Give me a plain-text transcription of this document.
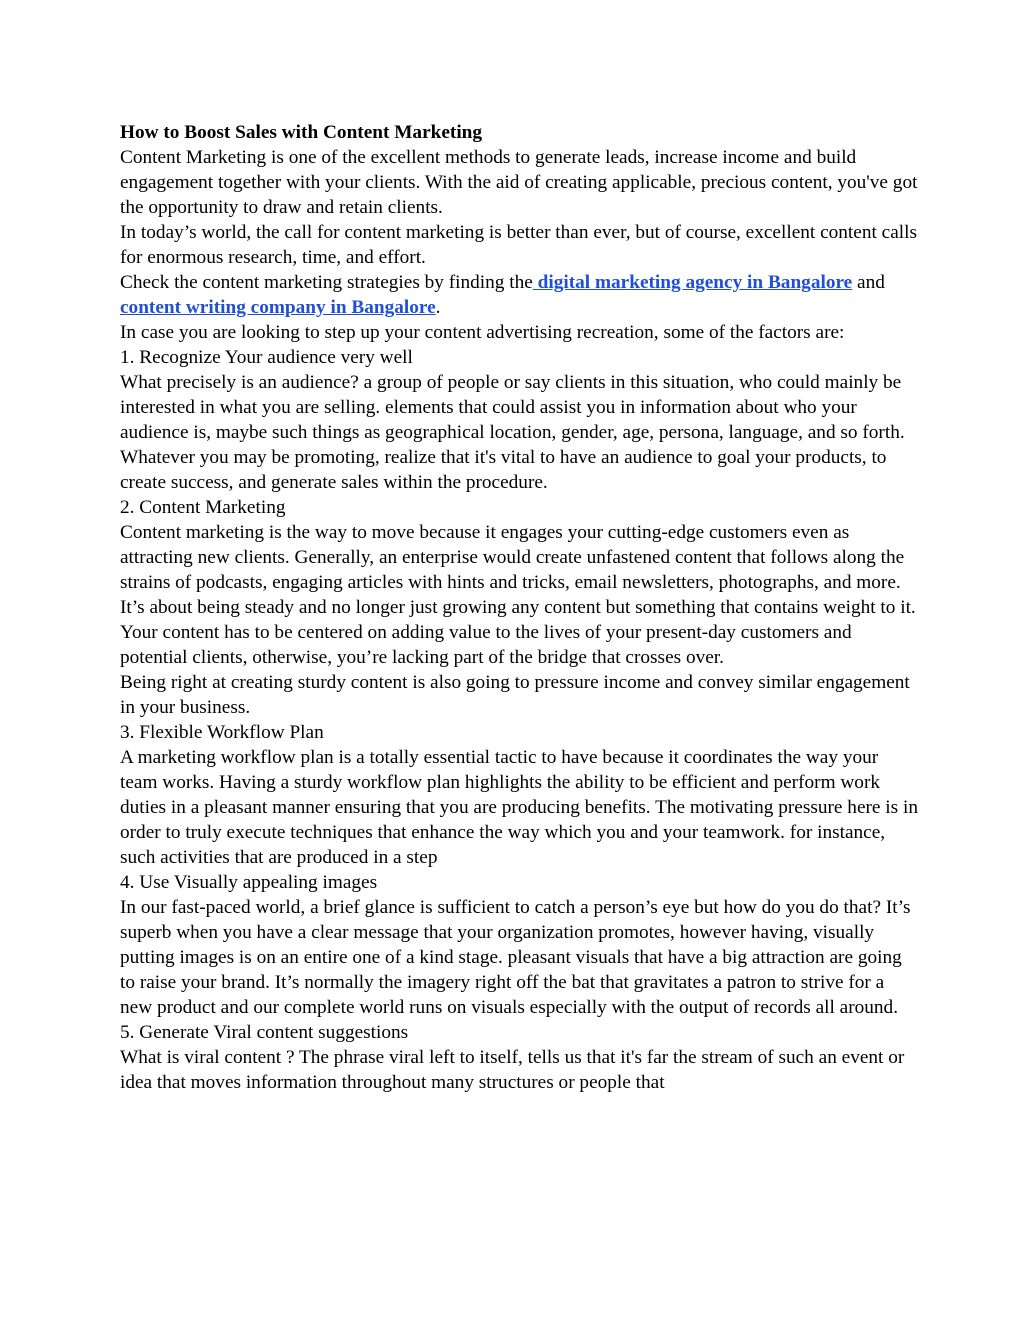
How to Boost Sales with Content Marketing

Content Marketing is one of the excellent methods to generate leads, increase income and build engagement together with your clients. With the aid of creating applicable, precious content, you've got the opportunity to draw and retain clients.

In today’s world, the call for content marketing is better than ever, but of course, excellent content calls for enormous research, time, and effort.

Check the content marketing strategies by finding the digital marketing agency in Bangalore and content writing company in Bangalore.

In case you are looking to step up your content advertising recreation, some of the factors are:

1. Recognize Your audience very well

What precisely is an audience? a group of people or say clients in this situation, who could mainly be interested in what you are selling. elements that could assist you in information about who your audience is, maybe such things as geographical location, gender, age, persona, language, and so forth. Whatever you may be promoting, realize that it's vital to have an audience to goal your products, to create success, and generate sales within the procedure.

2. Content Marketing

Content marketing is the way to move because it engages your cutting-edge customers even as attracting new clients. Generally, an enterprise would create unfastened content that follows along the strains of podcasts, engaging articles with hints and tricks, email newsletters, photographs, and more. It’s about being steady and no longer just growing any content but something that contains weight to it. Your content has to be centered on adding value to the lives of your present-day customers and potential clients, otherwise, you’re lacking part of the bridge that crosses over.

Being right at creating sturdy content is also going to pressure income and convey similar engagement in your business.

3. Flexible Workflow Plan

A marketing workflow plan is a totally essential tactic to have because it coordinates the way your team works. Having a sturdy workflow plan highlights the ability to be efficient and perform work duties in a pleasant manner ensuring that you are producing benefits. The motivating pressure here is in order to truly execute techniques that enhance the way which you and your teamwork. for instance, such activities that are produced in a step

4. Use Visually appealing images

In our fast-paced world, a brief glance is sufficient to catch a person’s eye but how do you do that? It’s superb when you have a clear message that your organization promotes, however having, visually putting images is on an entire one of a kind stage. pleasant visuals that have a big attraction are going to raise your brand. It’s normally the imagery right off the bat that gravitates a patron to strive for a new product and our complete world runs on visuals especially with the output of records all around.

5. Generate Viral content suggestions

What is viral content ? The phrase viral left to itself, tells us that it's far the stream of such an event or idea that moves information throughout many structures or people that
